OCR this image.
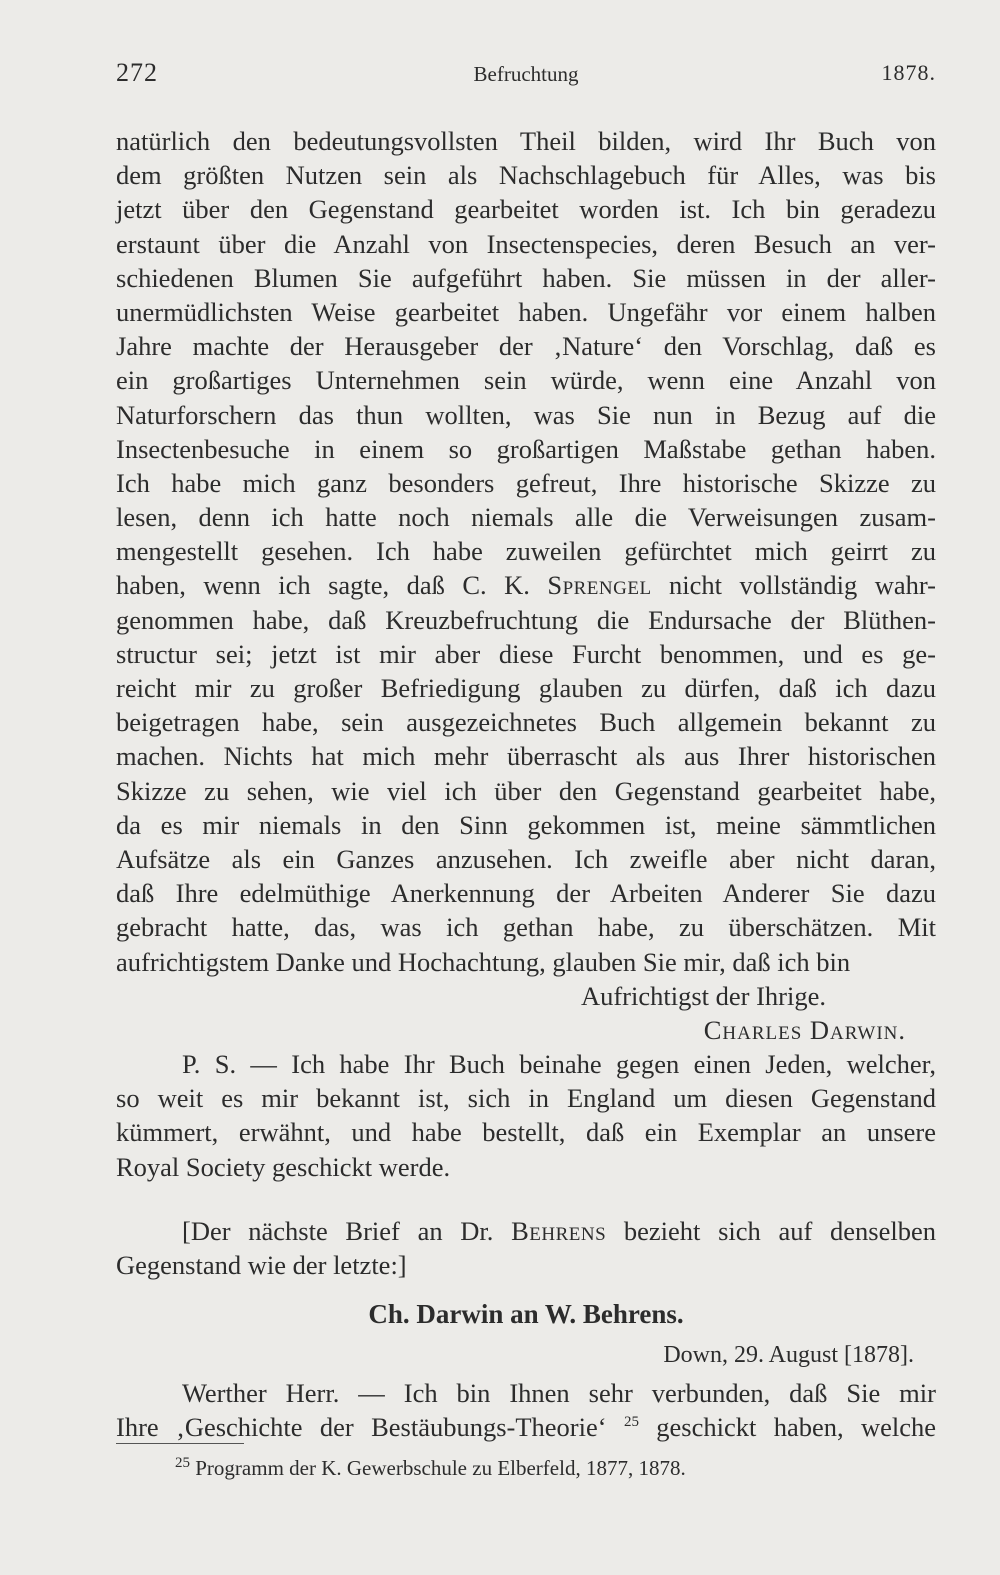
272	Befruchtung	1878.
natürlich den bedeutungsvollsten Theil bilden, wird Ihr Buch von
dem größten Nutzen sein als Nachschlagebuch für Alles, was bis
jetzt über den Gegenstand gearbeitet worden ist. Ich bin geradezu
erstaunt über die Anzahl von Insectenspecies, deren Besuch an ver-
schiedenen Blumen Sie aufgeführt haben. Sie müssen in der aller-
unermüdlichsten Weise gearbeitet haben. Ungefähr vor einem halben
Jahre machte der Herausgeber der ‚Nature‘ den Vorschlag, daß es
ein großartiges Unternehmen sein würde, wenn eine Anzahl von
Naturforschern das thun wollten, was Sie nun in Bezug auf die
Insectenbesuche in einem so großartigen Maßstabe gethan haben.
Ich habe mich ganz besonders gefreut, Ihre historische Skizze zu
lesen, denn ich hatte noch niemals alle die Verweisungen zusam-
mengestellt gesehen. Ich habe zuweilen gefürchtet mich geirrt zu
haben, wenn ich sagte, daß C. K. Sprengel nicht vollständig wahr-
genommen habe, daß Kreuzbefruchtung die Endursache der Blüthen-
structur sei; jetzt ist mir aber diese Furcht benommen, und es ge-
reicht mir zu großer Befriedigung glauben zu dürfen, daß ich dazu
beigetragen habe, sein ausgezeichnetes Buch allgemein bekannt zu
machen. Nichts hat mich mehr überrascht als aus Ihrer historischen
Skizze zu sehen, wie viel ich über den Gegenstand gearbeitet habe,
da es mir niemals in den Sinn gekommen ist, meine sämmtlichen
Aufsätze als ein Ganzes anzusehen. Ich zweifle aber nicht daran,
daß Ihre edelmüthige Anerkennung der Arbeiten Anderer Sie dazu
gebracht hatte, das, was ich gethan habe, zu überschätzen. Mit
aufrichtigstem Danke und Hochachtung, glauben Sie mir, daß ich bin
Aufrichtigst der Ihrige.
Charles Darwin.
P. S. — Ich habe Ihr Buch beinahe gegen einen Jeden, welcher,
so weit es mir bekannt ist, sich in England um diesen Gegenstand
kümmert, erwähnt, und habe bestellt, daß ein Exemplar an unsere
Royal Society geschickt werde.
[Der nächste Brief an Dr. Behrens bezieht sich auf denselben
Gegenstand wie der letzte:]
Ch. Darwin an W. Behrens.
Down, 29. August [1878].
Werther Herr. — Ich bin Ihnen sehr verbunden, daß Sie mir
Ihre ‚Geschichte der Bestäubungs-Theorie‘ $^{25}$ geschickt haben, welche
$^{25}$ Programm der K. Gewerbschule zu Elberfeld, 1877, 1878.
